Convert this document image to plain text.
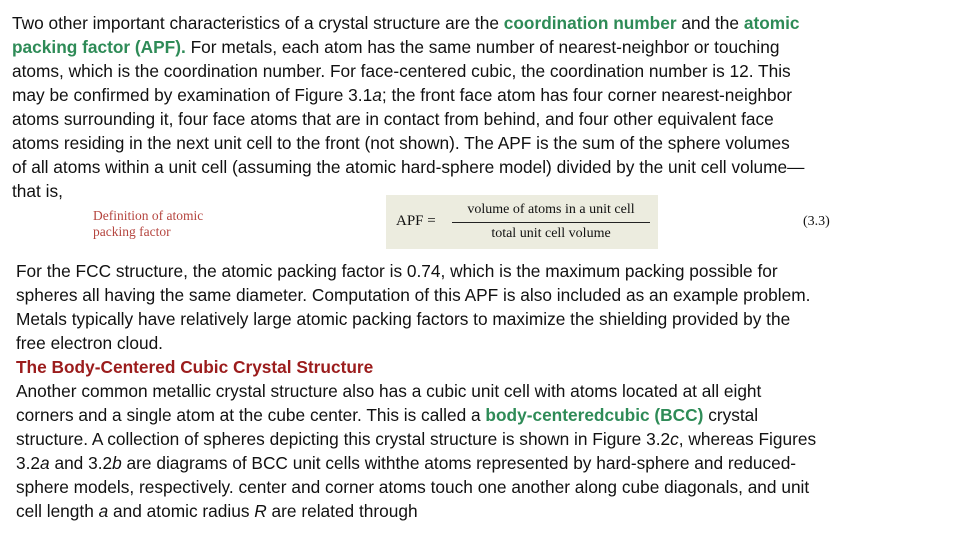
Two other important characteristics of a crystal structure are the coordination number and the atomic
packing factor (APF). For metals, each atom has the same number of nearest-neighbor or touching
atoms, which is the coordination number. For face-centered cubic, the coordination number is 12. This
may be confirmed by examination of Figure 3.1a; the front face atom has four corner nearest-neighbor
atoms surrounding it, four face atoms that are in contact from behind, and four other equivalent face
atoms residing in the next unit cell to the front (not shown). The APF is the sum of the sphere volumes
of all atoms within a unit cell (assuming the atomic hard-sphere model) divided by the unit cell volume—
that is,
Definition of atomic
packing factor
APF =
volume of atoms in a unit cell
total unit cell volume
(3.3)
For the FCC structure, the atomic packing factor is 0.74, which is the maximum packing possible for
spheres all having the same diameter. Computation of this APF is also included as an example problem.
Metals typically have relatively large atomic packing factors to maximize the shielding provided by the
free electron cloud.
The Body-Centered Cubic Crystal Structure
Another common metallic crystal structure also has a cubic unit cell with atoms located at all eight
corners and a single atom at the cube center. This is called a body-centeredcubic (BCC) crystal
structure. A collection of spheres depicting this crystal structure is shown in Figure 3.2c, whereas Figures
3.2a and 3.2b are diagrams of BCC unit cells withthe atoms represented by hard-sphere and reduced-
sphere models, respectively. center and corner atoms touch one another along cube diagonals, and unit
cell length a and atomic radius R are related through
